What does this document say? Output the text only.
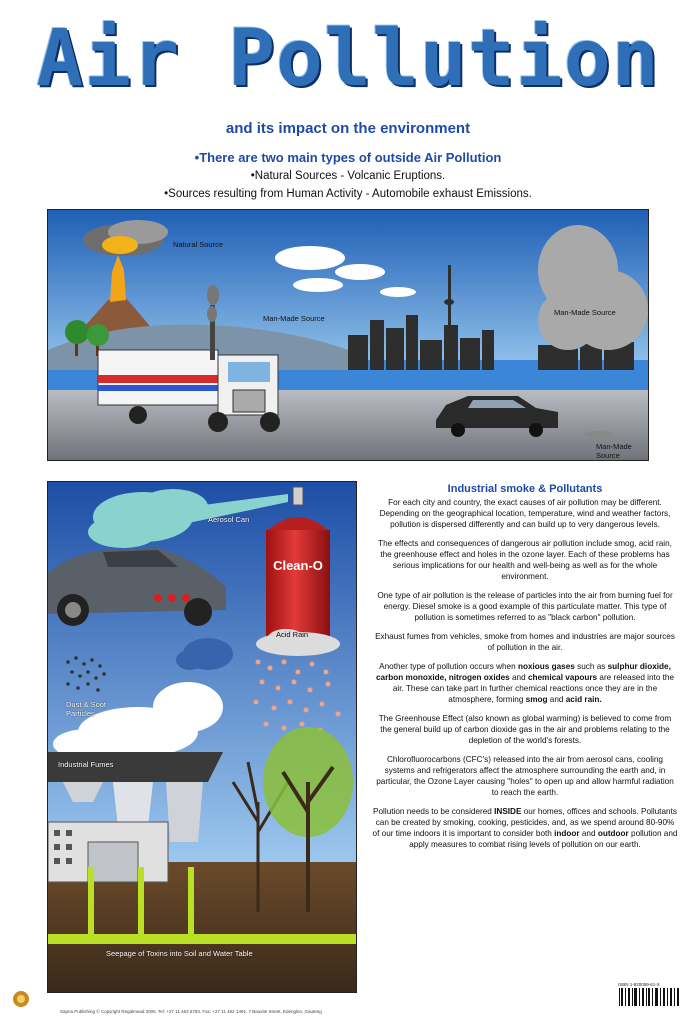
Air Pollution
and its impact on the environment
•There are two main types of outside Air Pollution
•Natural Sources - Volcanic Eruptions.
•Sources resulting from Human Activity - Automobile exhaust Emissions.
Natural Source
Man-Made Source
Man-Made Source
Man-Made Source
Aerosol Can
Clean-O
Acid Rain
Dust & Soot Particles
Industrial Fumes
Seepage of Toxins into Soil and Water Table
Industrial smoke & Pollutants

For each city and country, the exact causes of air pollution may be different. Depending on the geographical location, temperature, wind and weather factors, pollution is dispersed differently and can build up to very dangerous levels.

The effects and consequences of dangerous air pollution include smog, acid rain, the greenhouse effect and holes in the ozone layer. Each of these problems has serious implications for our health and well-being as well as for the whole environment.

One type of air pollution is the release of particles into the air from burning fuel for energy. Diesel smoke is a good example of this particulate matter. This type of pollution is sometimes referred to as "black carbon" pollution.

Exhaust fumes from vehicles, smoke from homes and industries are major sources of pollution in the air.

Another type of pollution occurs when noxious gases such as sulphur dioxide, carbon monoxide, nitrogen oxides and chemical vapours are released into the air. These can take part in further chemical reactions once they are in the atmosphere, forming smog and acid rain.

The Greenhouse Effect (also known as global warming) is believed to come from the general build up of carbon dioxide gas in the air and problems relating to the depletion of the world's forests.

Chlorofluorocarbons (CFC's) released into the air from aerosol cans, cooling systems and refrigerators affect the atmosphere surrounding the earth and, in particular, the Ozone Layer causing "holes" to open up and allow harmful radiation to reach the earth.

Pollution needs to be considered INSIDE our homes, offices and schools. Pollutants can be created by smoking, cooking, pesticides, and, as we spend around 80-90% of our time indoors it is important to consider both indoor and outdoor pollution and apply measures to combat rising levels of pollution on our earth.

Sapna Publishing © Copyright Regalmead 2006. Tel: +27 11 462 6783. Fax: +27 11 462 1491. 7 Bauxite Street, Edenglen, Gauteng
ISBN 1-920059-61-X
